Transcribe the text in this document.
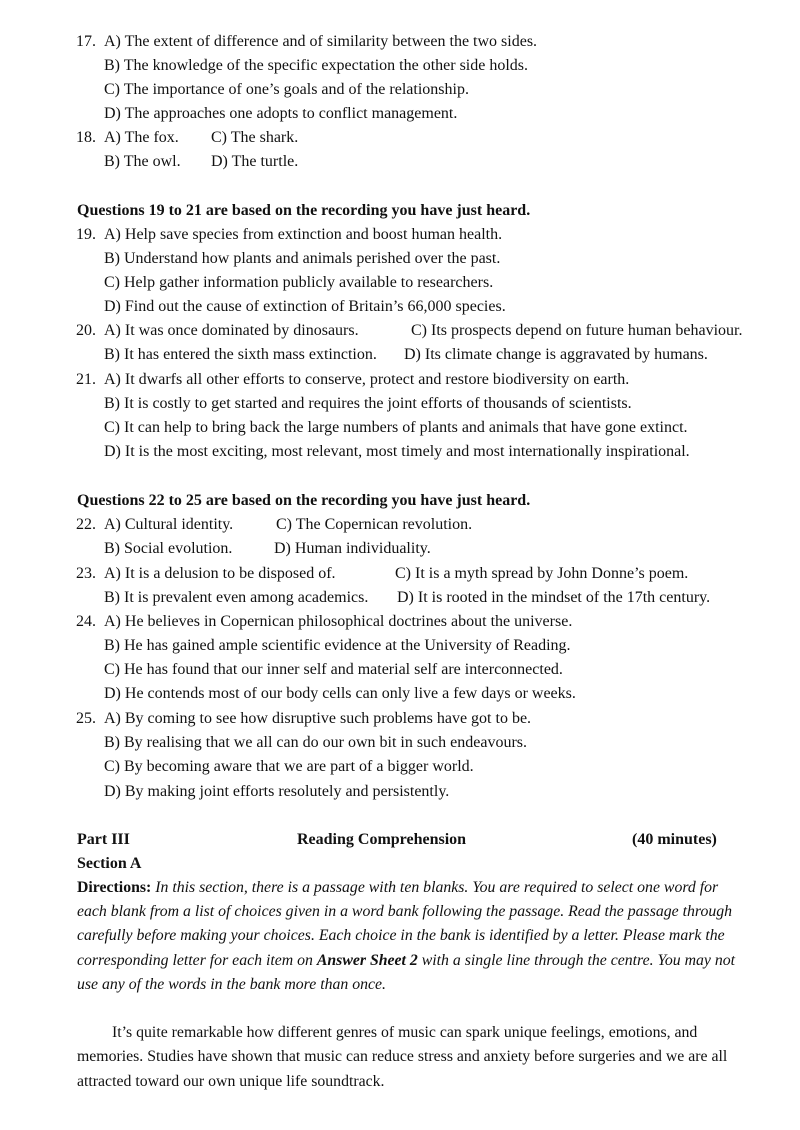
17. A) The extent of difference and of similarity between the two sides.
B) The knowledge of the specific expectation the other side holds.
C) The importance of one’s goals and of the relationship.
D) The approaches one adopts to conflict management.
18. A) The fox. C) The shark.
B) The owl. D) The turtle.
Questions 19 to 21 are based on the recording you have just heard.
19. A) Help save species from extinction and boost human health.
B) Understand how plants and animals perished over the past.
C) Help gather information publicly available to researchers.
D) Find out the cause of extinction of Britain’s 66,000 species.
20. A) It was once dominated by dinosaurs.	C) Its prospects depend on future human behaviour.
B) It has entered the sixth mass extinction. D) Its climate change is aggravated by humans.
21. A) It dwarfs all other efforts to conserve, protect and restore biodiversity on earth.
B) It is costly to get started and requires the joint efforts of thousands of scientists.
C) It can help to bring back the large numbers of plants and animals that have gone extinct.
D) It is the most exciting, most relevant, most timely and most internationally inspirational.
Questions 22 to 25 are based on the recording you have just heard.
22. A) Cultural identity.	C) The Copernican revolution.
B) Social evolution.	D) Human individuality.
23. A) It is a delusion to be disposed of.	C) It is a myth spread by John Donne’s poem.
B) It is prevalent even among academics. D) It is rooted in the mindset of the 17th century.
24. A) He believes in Copernican philosophical doctrines about the universe.
B) He has gained ample scientific evidence at the University of Reading.
C) He has found that our inner self and material self are interconnected.
D) He contends most of our body cells can only live a few days or weeks.
25. A) By coming to see how disruptive such problems have got to be.
B) By realising that we all can do our own bit in such endeavours.
C) By becoming aware that we are part of a bigger world.
D) By making joint efforts resolutely and persistently.
Part III	Reading Comprehension	(40 minutes)
Section A
Directions: In this section, there is a passage with ten blanks. You are required to select one word for each blank from a list of choices given in a word bank following the passage. Read the passage through carefully before making your choices. Each choice in the bank is identified by a letter. Please mark the corresponding letter for each item on Answer Sheet 2 with a single line through the centre. You may not use any of the words in the bank more than once.
It’s quite remarkable how different genres of music can spark unique feelings, emotions, and memories. Studies have shown that music can reduce stress and anxiety before surgeries and we are all attracted toward our own unique life soundtrack.
